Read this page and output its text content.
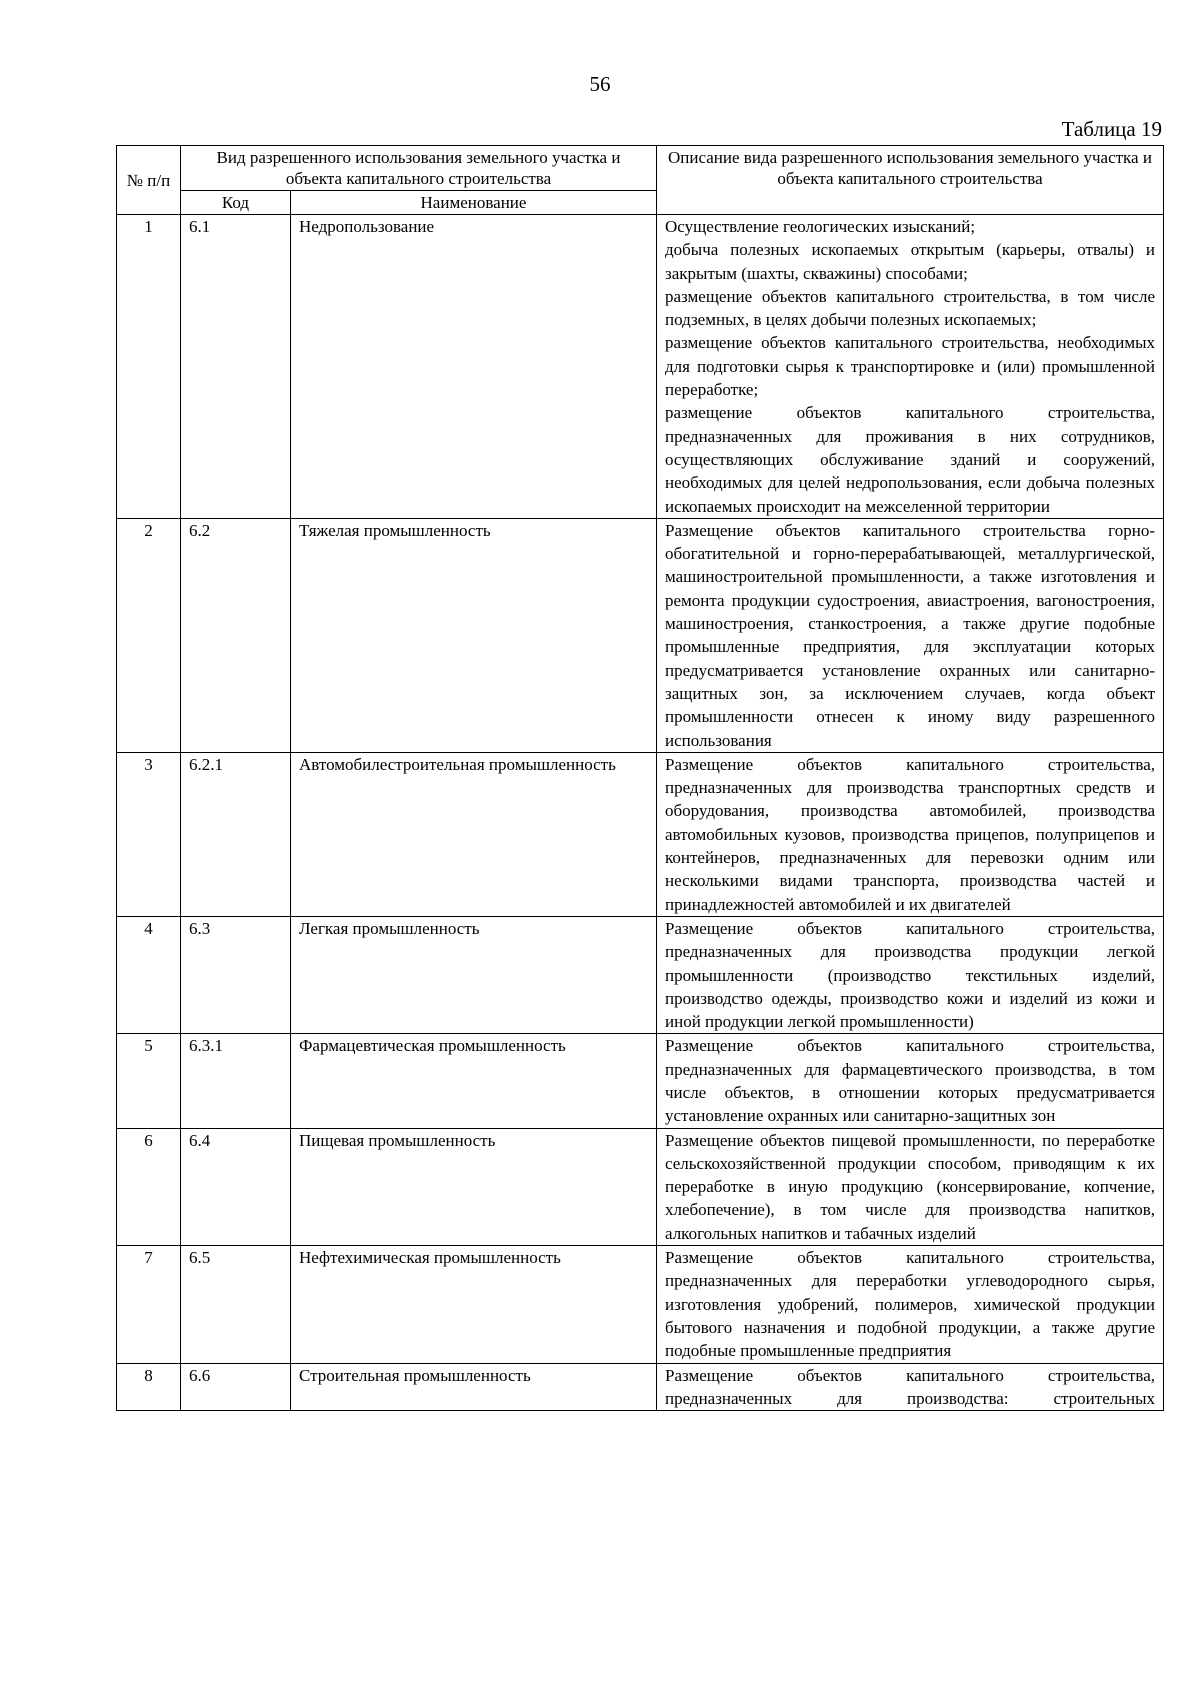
56
Таблица 19
№ п/п	Вид разрешенного использования земельного участка и объекта капитального строительства		Описание вида разрешенного использования земельного участка и объекта капитального строительства
	Код	Наименование	
1	6.1	Недропользование	Осуществление геологических изысканий;
добыча полезных ископаемых открытым (карьеры, отвалы) и закрытым (шахты, скважины) способами;
размещение объектов капитального строительства, в том числе подземных, в целях добычи полезных ископаемых;
размещение объектов капитального строительства, необходимых для подготовки сырья к транспортировке и (или) промышленной переработке;
размещение объектов капитального строительства, предназначенных для проживания в них сотрудников, осуществляющих обслуживание зданий и сооружений, необходимых для целей недропользования, если добыча полезных ископаемых происходит на межселенной территории

2	6.2	Тяжелая промышленность	Размещение объектов капитального строительства горно-обогатительной и горно-перерабатывающей, металлургической, машиностроительной промышленности, а также изготовления и ремонта продукции судостроения, авиастроения, вагоностроения, машиностроения, станкостроения, а также другие подобные промышленные предприятия, для эксплуатации которых предусматривается установление охранных или санитарно-защитных зон, за исключением случаев, когда объект промышленности отнесен к иному виду разрешенного использования

3	6.2.1	Автомобилестроительная промышленность	Размещение объектов капитального строительства, предназначенных для производства транспортных средств и оборудования, производства автомобилей, производства автомобильных кузовов, производства прицепов, полуприцепов и контейнеров, предназначенных для перевозки одним или несколькими видами транспорта, производства частей и принадлежностей автомобилей и их двигателей

4	6.3	Легкая промышленность	Размещение объектов капитального строительства, предназначенных для производства продукции легкой промышленности (производство текстильных изделий, производство одежды, производство кожи и изделий из кожи и иной продукции легкой промышленности)

5	6.3.1	Фармацевтическая промышленность	Размещение объектов капитального строительства, предназначенных для фармацевтического производства, в том числе объектов, в отношении которых предусматривается установление охранных или санитарно-защитных зон

6	6.4	Пищевая промышленность	Размещение объектов пищевой промышленности, по переработке сельскохозяйственной продукции способом, приводящим к их переработке в иную продукцию (консервирование, копчение, хлебопечение), в том числе для производства напитков, алкогольных напитков и табачных изделий

7	6.5	Нефтехимическая промышленность	Размещение объектов капитального строительства, предназначенных для переработки углеводородного сырья, изготовления удобрений, полимеров, химической продукции бытового назначения и подобной продукции, а также другие подобные промышленные предприятия

8	6.6	Строительная промышленность	Размещение объектов капитального строительства, предназначенных для производства: строительных
